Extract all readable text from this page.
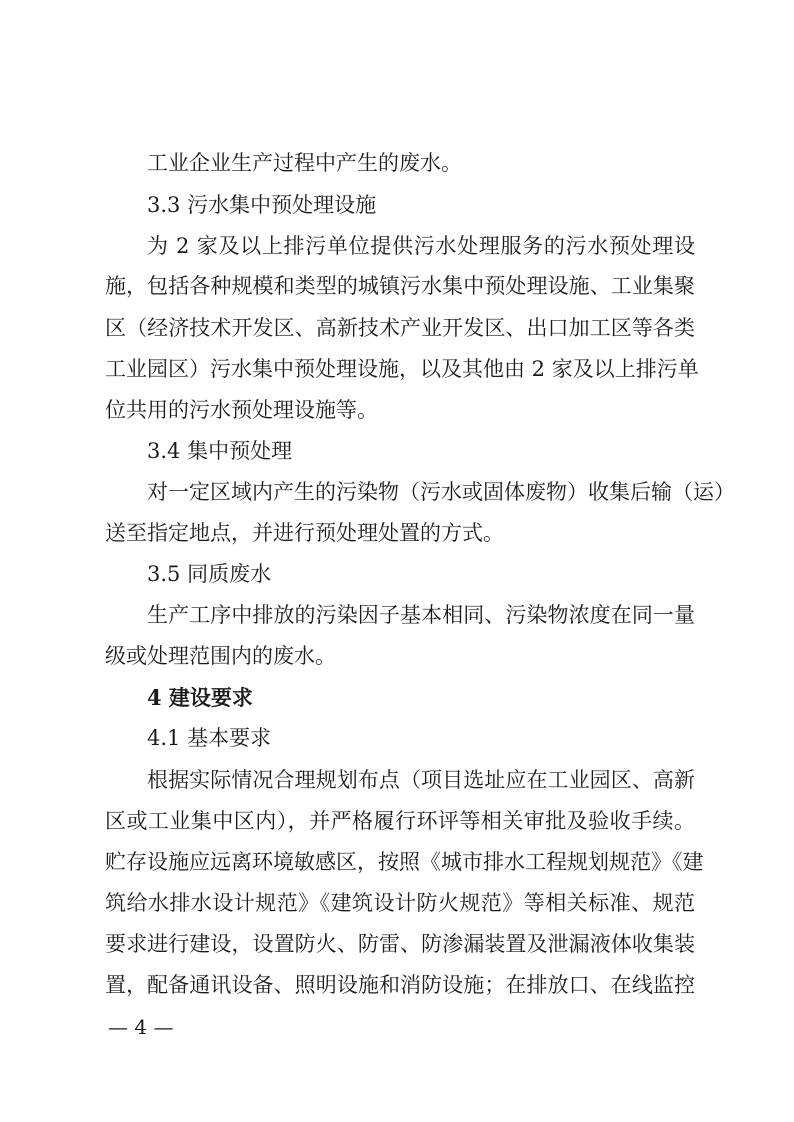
工业企业生产过程中产生的废水。
3.3 污水集中预处理设施
为 2 家及以上排污单位提供污水处理服务的污水预处理设
施，包括各种规模和类型的城镇污水集中预处理设施、工业集聚
区（经济技术开发区、高新技术产业开发区、出口加工区等各类
工业园区）污水集中预处理设施，以及其他由 2 家及以上排污单
位共用的污水预处理设施等。
3.4 集中预处理
对一定区域内产生的污染物（污水或固体废物）收集后输（运）
送至指定地点，并进行预处理处置的方式。
3.5 同质废水
生产工序中排放的污染因子基本相同、污染物浓度在同一量
级或处理范围内的废水。
4 建设要求
4.1 基本要求
根据实际情况合理规划布点（项目选址应在工业园区、高新
区或工业集中区内），并严格履行环评等相关审批及验收手续。
贮存设施应远离环境敏感区，按照《城市排水工程规划规范》《建
筑给水排水设计规范》《建筑设计防火规范》等相关标准、规范
要求进行建设，设置防火、防雷、防渗漏装置及泄漏液体收集装
置，配备通讯设备、照明设施和消防设施；在排放口、在线监控
— 4 —
